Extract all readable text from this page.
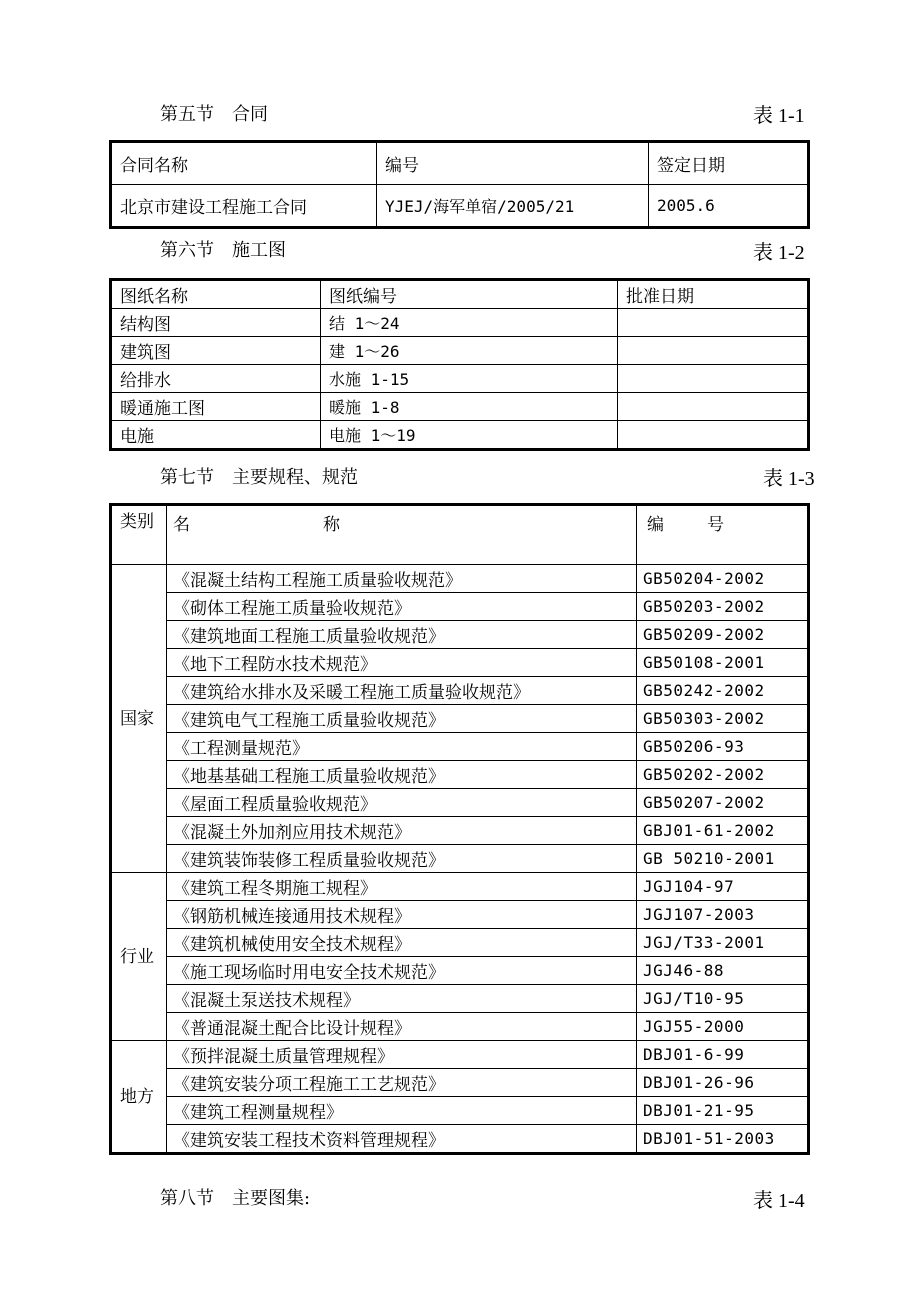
第五节　合同	表 1-1
合同名称	编号	签定日期
北京市建设工程施工合同	YJEJ/海军单宿/2005/21	2005.6
第六节　施工图	表 1-2
图纸名称	图纸编号	批准日期
结构图	结 1～24	
建筑图	建 1～26	
给排水	水施 1-15	
暖通施工图	暖施 1-8	
电施	电施 1～19	
第七节　主要规程、规范	表 1-3
类别	名 称	编 号
国家	《混凝土结构工程施工质量验收规范》	GB50204-2002
	《砌体工程施工质量验收规范》	GB50203-2002
	《建筑地面工程施工质量验收规范》	GB50209-2002
	《地下工程防水技术规范》	GB50108-2001
	《建筑给水排水及采暖工程施工质量验收规范》	GB50242-2002
	《建筑电气工程施工质量验收规范》	GB50303-2002
	《工程测量规范》	GB50206-93
	《地基基础工程施工质量验收规范》	GB50202-2002
	《屋面工程质量验收规范》	GB50207-2002
	《混凝土外加剂应用技术规范》	GBJ01-61-2002
	《建筑装饰装修工程质量验收规范》	GB 50210-2001
行业	《建筑工程冬期施工规程》	JGJ104-97
	《钢筋机械连接通用技术规程》	JGJ107-2003
	《建筑机械使用安全技术规程》	JGJ/T33-2001
	《施工现场临时用电安全技术规范》	JGJ46-88
	《混凝土泵送技术规程》	JGJ/T10-95
	《普通混凝土配合比设计规程》	JGJ55-2000
地方	《预拌混凝土质量管理规程》	DBJ01-6-99
	《建筑安装分项工程施工工艺规范》	DBJ01-26-96
	《建筑工程测量规程》	DBJ01-21-95
	《建筑安装工程技术资料管理规程》	DBJ01-51-2003
第八节　主要图集:	表 1-4
